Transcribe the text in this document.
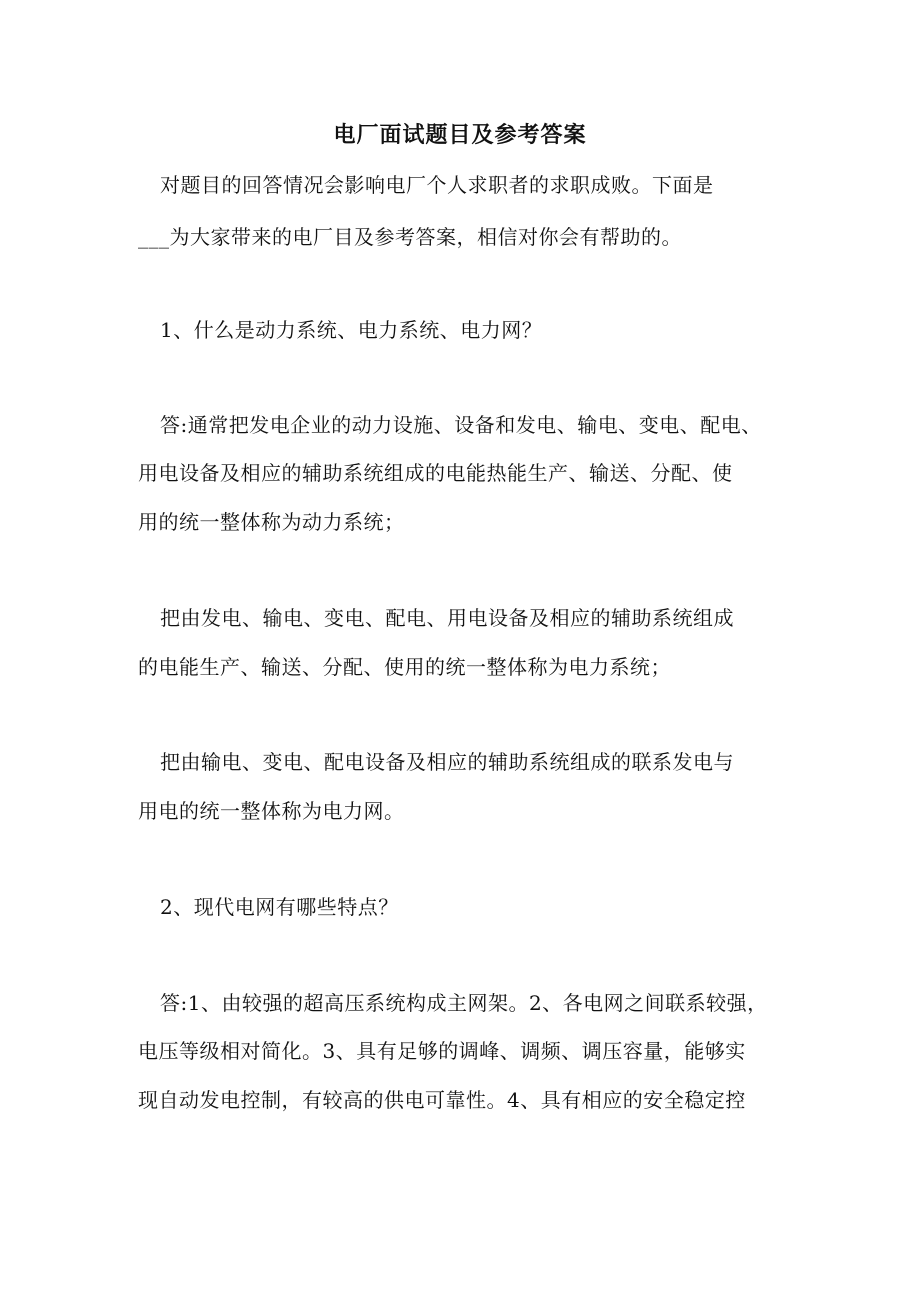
电厂面试题目及参考答案
对题目的回答情况会影响电厂个人求职者的求职成败。下面是
___为大家带来的电厂目及参考答案，相信对你会有帮助的。
1、什么是动力系统、电力系统、电力网？
答:通常把发电企业的动力设施、设备和发电、输电、变电、配电、
用电设备及相应的辅助系统组成的电能热能生产、输送、分配、使
用的统一整体称为动力系统；
把由发电、输电、变电、配电、用电设备及相应的辅助系统组成
的电能生产、输送、分配、使用的统一整体称为电力系统；
把由输电、变电、配电设备及相应的辅助系统组成的联系发电与
用电的统一整体称为电力网。
2、现代电网有哪些特点？
答:1、由较强的超高压系统构成主网架。2、各电网之间联系较强，
电压等级相对简化。3、具有足够的调峰、调频、调压容量，能够实
现自动发电控制，有较高的供电可靠性。4、具有相应的安全稳定控
